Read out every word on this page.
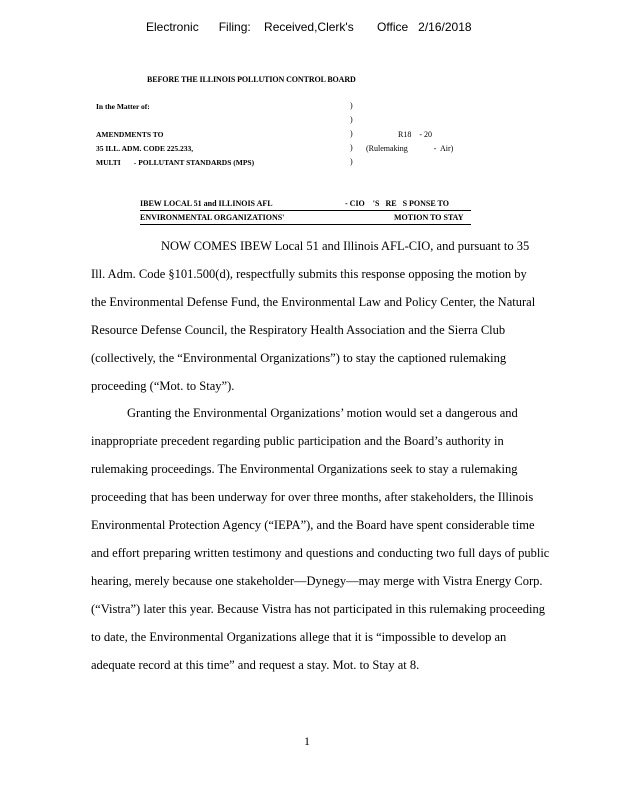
Electronic      Filing:    Received,Clerk's       Office   2/16/2018
BEFORE THE ILLINOIS POLLUTION CONTROL BOARD
In the Matter of:
AMENDMENTS TO
35 ILL. ADM. CODE 225.233,
MULTI       - POLLUTANT STANDARDS (MPS)
)
)
)
)
)
R18    - 20
(Rulemaking             -  Air)

IBEW LOCAL 51 and ILLINOIS AFL

	- CIO    'S   RE   S PONSE TO

ENVIRONMENTAL ORGANIZATIONS'

	MOTION TO STAY

NOW COMES IBEW Local 51 and Illinois AFL-CIO, and pursuant to 35
Ill. Adm. Code §101.500(d), respectfully submits this response opposing the motion by
the Environmental Defense Fund, the Environmental Law and Policy Center, the Natural
Resource Defense Council, the Respiratory Health Association and the Sierra Club
(collectively, the “Environmental Organizations”) to stay the captioned rulemaking
proceeding (“Mot. to Stay”).
Granting the Environmental Organizations’ motion would set a dangerous and
inappropriate precedent regarding public participation and the Board’s authority in
rulemaking proceedings. The Environmental Organizations seek to stay a rulemaking
proceeding that has been underway for over three months, after stakeholders, the Illinois
Environmental Protection Agency (“IEPA”), and the Board have spent considerable time
and effort preparing written testimony and questions and conducting two full days of public
hearing, merely because one stakeholder—Dynegy—may merge with Vistra Energy Corp.
(“Vistra”) later this year. Because Vistra has not participated in this rulemaking proceeding
to date, the Environmental Organizations allege that it is “impossible to develop an
adequate record at this time” and request a stay. Mot. to Stay at 8.
1
